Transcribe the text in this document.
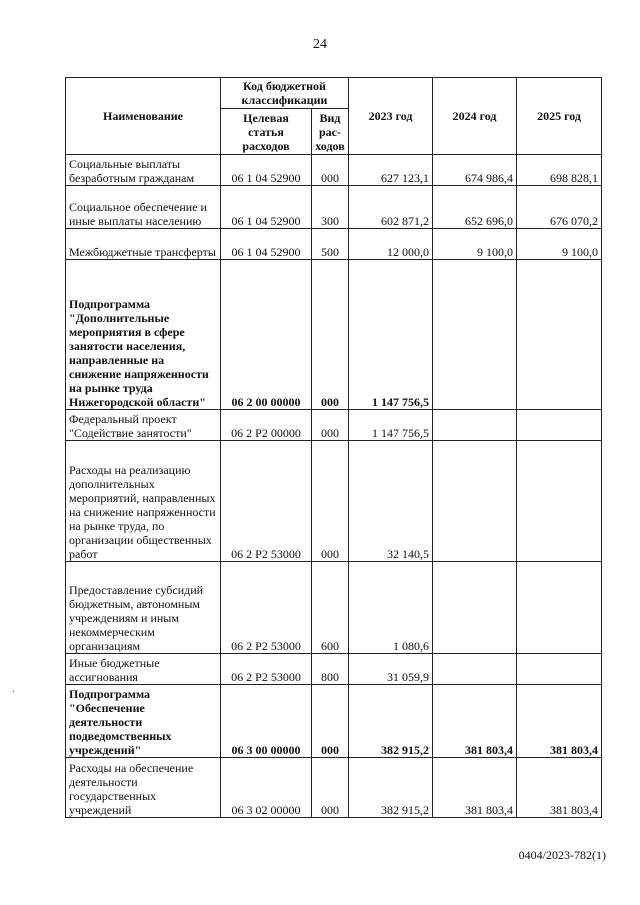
24
Наименование	Код бюджетной классификации		2023 год	2024 год	2025 год
	Целевая статья расходов	Вид рас-ходов			
Социальные выплаты безработным гражданам	06 1 04 52900	000	627 123,1	674 986,4	698 828,1
Социальное обеспечение и иные выплаты населению	06 1 04 52900	300	602 871,2	652 696,0	676 070,2
Межбюджетные трансферты	06 1 04 52900	500	12 000,0	9 100,0	9 100,0
Подпрограмма "Дополнительные мероприятия в сфере занятости населения, направленные на снижение напряженности на рынке труда Нижегородской области"	06 2 00 00000	000	1 147 756,5		
Федеральный проект "Содействие занятости"	06 2 P2 00000	000	1 147 756,5		
Расходы на реализацию дополнительных мероприятий, направленных на снижение напряженности на рынке труда, по организации общественных работ	06 2 P2 53000	000	32 140,5		
Предоставление субсидий бюджетным, автономным учреждениям и иным некоммерческим организациям	06 2 P2 53000	600	1 080,6		
Иные бюджетные ассигнования	06 2 P2 53000	800	31 059,9		
Подпрограмма "Обеспечение деятельности подведомственных учреждений"	06 3 00 00000	000	382 915,2	381 803,4	381 803,4
Расходы на обеспечение деятельности государственных учреждений	06 3 02 00000	000	382 915,2	381 803,4	381 803,4
0404/2023-782(1)
.
